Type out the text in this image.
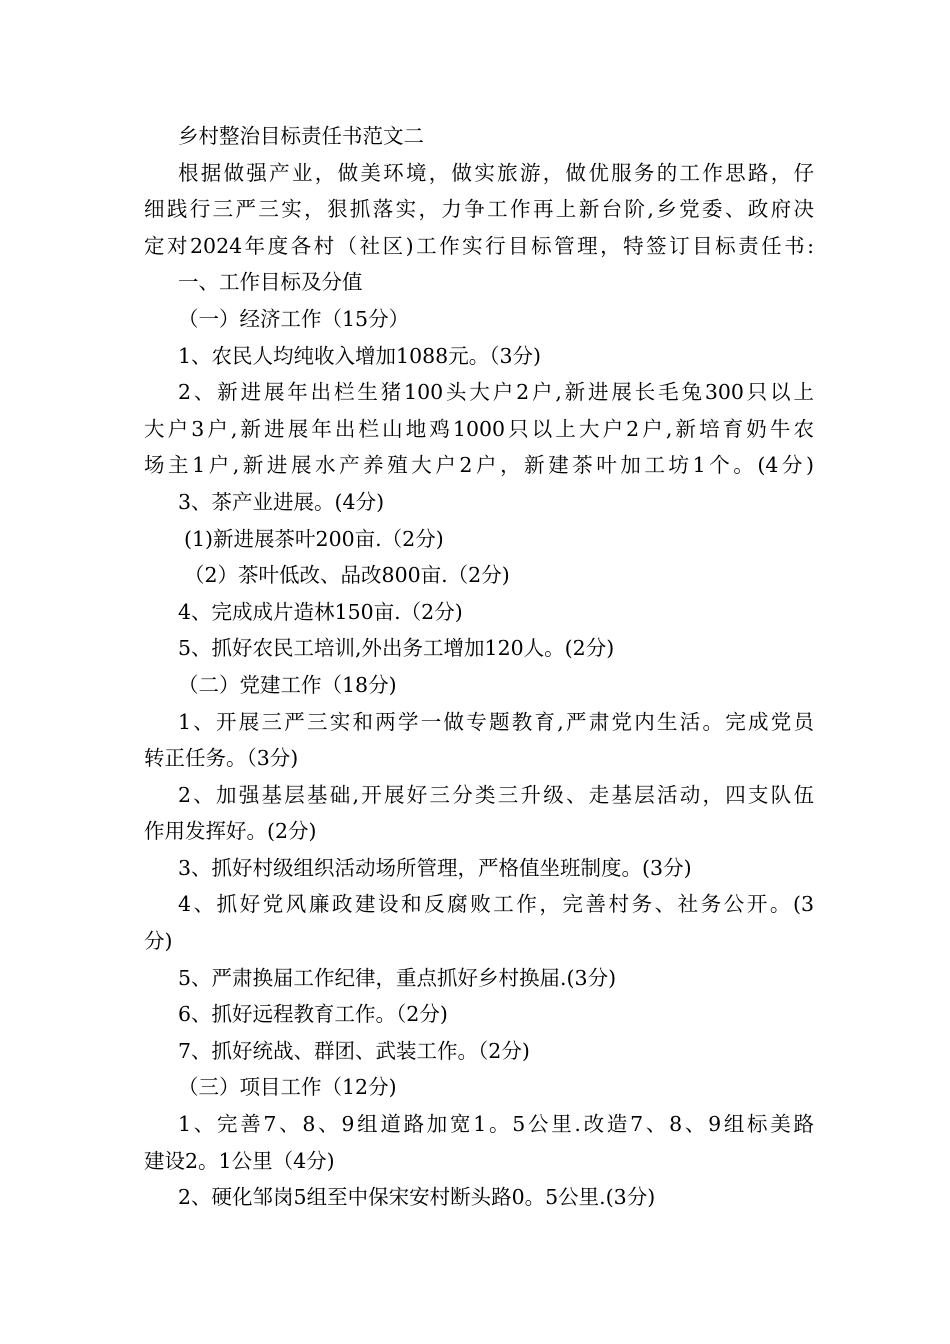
乡村整治目标责任书范文二
根据做强产业，做美环境，做实旅游，做优服务的工作思路，仔
细践行三严三实，狠抓落实，力争工作再上新台阶,乡党委、政府决
定对2024年度各村（社区)工作实行目标管理，特签订目标责任书:
一、工作目标及分值
（一）经济工作（15分）
1、农民人均纯收入增加1088元。（3分)
2、新进展年出栏生猪100头大户2户,新进展长毛兔300只以上
大户3户,新进展年出栏山地鸡1000只以上大户2户,新培育奶牛农
场主1户,新进展水产养殖大户2户，新建茶叶加工坊1个。(4分)
3、茶产业进展。(4分)
(1)新进展茶叶200亩.（2分)
（2）茶叶低改、品改800亩.（2分)
4、完成成片造林150亩.（2分)
5、抓好农民工培训,外出务工增加120人。(2分)
（二）党建工作（18分)
1、开展三严三实和两学一做专题教育,严肃党内生活。完成党员
转正任务。（3分)
2、加强基层基础,开展好三分类三升级、走基层活动，四支队伍
作用发挥好。(2分)
3、抓好村级组织活动场所管理，严格值坐班制度。(3分)
4、抓好党风廉政建设和反腐败工作，完善村务、社务公开。(3
分)
5、严肃换届工作纪律，重点抓好乡村换届.(3分)
6、抓好远程教育工作。（2分)
7、抓好统战、群团、武装工作。（2分)
（三）项目工作（12分)
1、完善7、8、9组道路加宽1。5公里.改造7、8、9组标美路
建设2。1公里（4分)
2、硬化邹岗5组至中保宋安村断头路0。5公里.(3分)
